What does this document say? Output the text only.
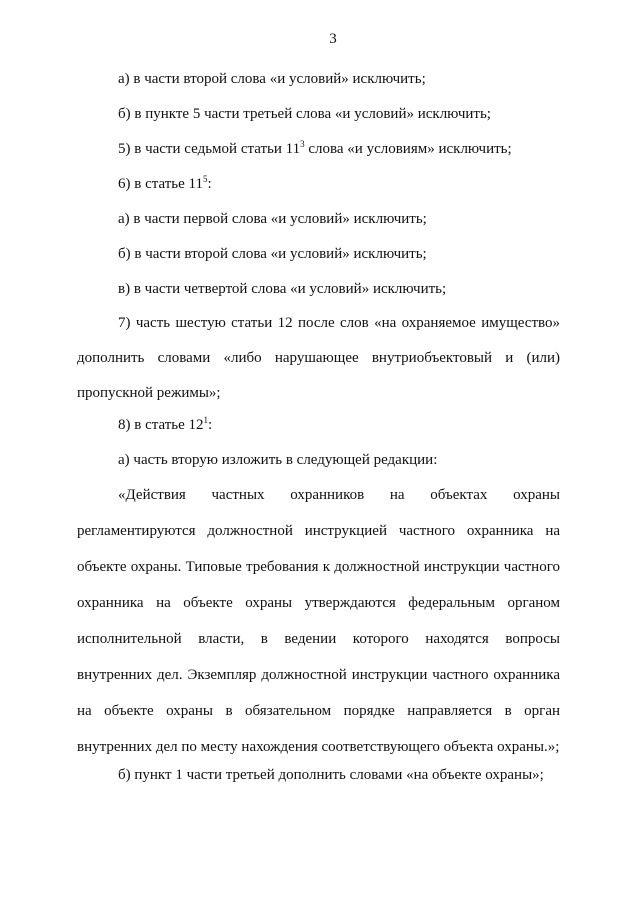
3
а) в части второй слова «и условий» исключить;
б) в пункте 5 части третьей слова «и условий» исключить;
5) в части седьмой статьи $11^3$ слова «и условиям» исключить;
6) в статье $11^5$:
а) в части первой слова «и условий» исключить;
б) в части второй слова «и условий» исключить;
в) в части четвертой слова «и условий» исключить;
7) часть шестую статьи 12 после слов «на охраняемое имущество»
дополнить словами «либо нарушающее внутриобъектовый и (или)
пропускной режимы»;
8) в статье $12^1$:
а) часть вторую изложить в следующей редакции:
«Действия частных охранников на объектах охраны
регламентируются должностной инструкцией частного охранника на
объекте охраны. Типовые требования к должностной инструкции частного
охранника на объекте охраны утверждаются федеральным органом
исполнительной власти, в ведении которого находятся вопросы
внутренних дел. Экземпляр должностной инструкции частного охранника
на объекте охраны в обязательном порядке направляется в орган
внутренних дел по месту нахождения соответствующего объекта охраны.»;
б) пункт 1 части третьей дополнить словами «на объекте охраны»;
